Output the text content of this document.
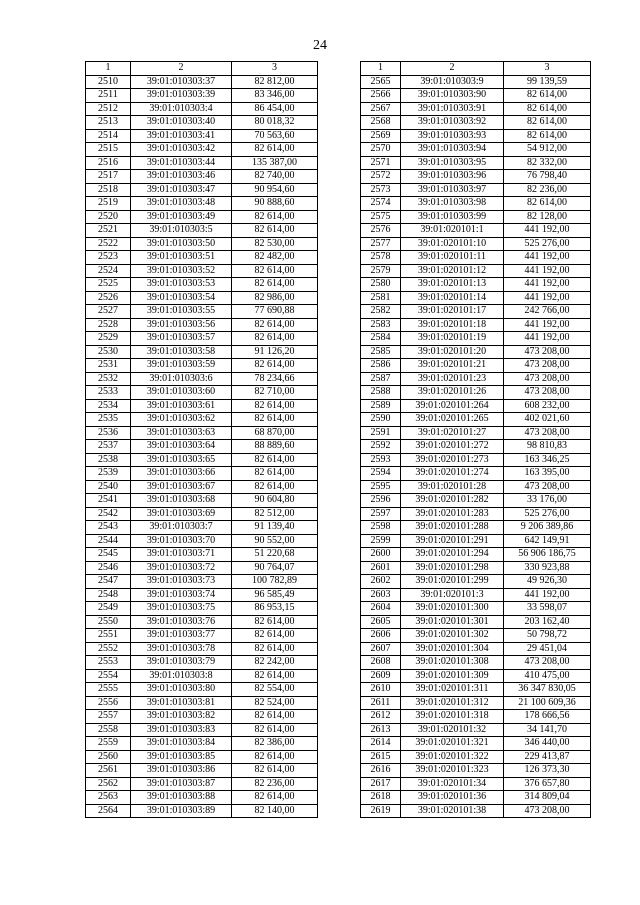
24
1	2	3
2510	39:01:010303:37	82 812,00
2511	39:01:010303:39	83 346,00
2512	39:01:010303:4	86 454,00
2513	39:01:010303:40	80 018,32
2514	39:01:010303:41	70 563,60
2515	39:01:010303:42	82 614,00
2516	39:01:010303:44	135 387,00
2517	39:01:010303:46	82 740,00
2518	39:01:010303:47	90 954,60
2519	39:01:010303:48	90 888,60
2520	39:01:010303:49	82 614,00
2521	39:01:010303:5	82 614,00
2522	39:01:010303:50	82 530,00
2523	39:01:010303:51	82 482,00
2524	39:01:010303:52	82 614,00
2525	39:01:010303:53	82 614,00
2526	39:01:010303:54	82 986,00
2527	39:01:010303:55	77 690,88
2528	39:01:010303:56	82 614,00
2529	39:01:010303:57	82 614,00
2530	39:01:010303:58	91 126,20
2531	39:01:010303:59	82 614,00
2532	39:01:010303:6	78 234,66
2533	39:01:010303:60	82 710,00
2534	39:01:010303:61	82 614,00
2535	39:01:010303:62	82 614,00
2536	39:01:010303:63	68 870,00
2537	39:01:010303:64	88 889,60
2538	39:01:010303:65	82 614,00
2539	39:01:010303:66	82 614,00
2540	39:01:010303:67	82 614,00
2541	39:01:010303:68	90 604,80
2542	39:01:010303:69	82 512,00
2543	39:01:010303:7	91 139,40
2544	39:01:010303:70	90 552,00
2545	39:01:010303:71	51 220,68
2546	39:01:010303:72	90 764,07
2547	39:01:010303:73	100 782,89
2548	39:01:010303:74	96 585,49
2549	39:01:010303:75	86 953,15
2550	39:01:010303:76	82 614,00
2551	39:01:010303:77	82 614,00
2552	39:01:010303:78	82 614,00
2553	39:01:010303:79	82 242,00
2554	39:01:010303:8	82 614,00
2555	39:01:010303:80	82 554,00
2556	39:01:010303:81	82 524,00
2557	39:01:010303:82	82 614,00
2558	39:01:010303:83	82 614,00
2559	39:01:010303:84	82 386,00
2560	39:01:010303:85	82 614,00
2561	39:01:010303:86	82 614,00
2562	39:01:010303:87	82 236,00
2563	39:01:010303:88	82 614,00
2564	39:01:010303:89	82 140,00
1	2	3
2565	39:01:010303:9	99 139,59
2566	39:01:010303:90	82 614,00
2567	39:01:010303:91	82 614,00
2568	39:01:010303:92	82 614,00
2569	39:01:010303:93	82 614,00
2570	39:01:010303:94	54 912,00
2571	39:01:010303:95	82 332,00
2572	39:01:010303:96	76 798,40
2573	39:01:010303:97	82 236,00
2574	39:01:010303:98	82 614,00
2575	39:01:010303:99	82 128,00
2576	39:01:020101:1	441 192,00
2577	39:01:020101:10	525 276,00
2578	39:01:020101:11	441 192,00
2579	39:01:020101:12	441 192,00
2580	39:01:020101:13	441 192,00
2581	39:01:020101:14	441 192,00
2582	39:01:020101:17	242 766,00
2583	39:01:020101:18	441 192,00
2584	39:01:020101:19	441 192,00
2585	39:01:020101:20	473 208,00
2586	39:01:020101:21	473 208,00
2587	39:01:020101:23	473 208,00
2588	39:01:020101:26	473 208,00
2589	39:01:020101:264	608 232,00
2590	39:01:020101:265	402 021,60
2591	39:01:020101:27	473 208,00
2592	39:01:020101:272	98 810,83
2593	39:01:020101:273	163 346,25
2594	39:01:020101:274	163 395,00
2595	39:01:020101:28	473 208,00
2596	39:01:020101:282	33 176,00
2597	39:01:020101:283	525 276,00
2598	39:01:020101:288	9 206 389,86
2599	39:01:020101:291	642 149,91
2600	39:01:020101:294	56 906 186,75
2601	39:01:020101:298	330 923,88
2602	39:01:020101:299	49 926,30
2603	39:01:020101:3	441 192,00
2604	39:01:020101:300	33 598,07
2605	39:01:020101:301	203 162,40
2606	39:01:020101:302	50 798,72
2607	39:01:020101:304	29 451,04
2608	39:01:020101:308	473 208,00
2609	39:01:020101:309	410 475,00
2610	39:01:020101:311	36 347 830,05
2611	39:01:020101:312	21 100 609,36
2612	39:01:020101:318	178 666,56
2613	39:01:020101:32	34 141,70
2614	39:01:020101:321	346 440,00
2615	39:01:020101:322	229 413,87
2616	39:01:020101:323	126 373,30
2617	39:01:020101:34	376 657,80
2618	39:01:020101:36	314 809,04
2619	39:01:020101:38	473 208,00
